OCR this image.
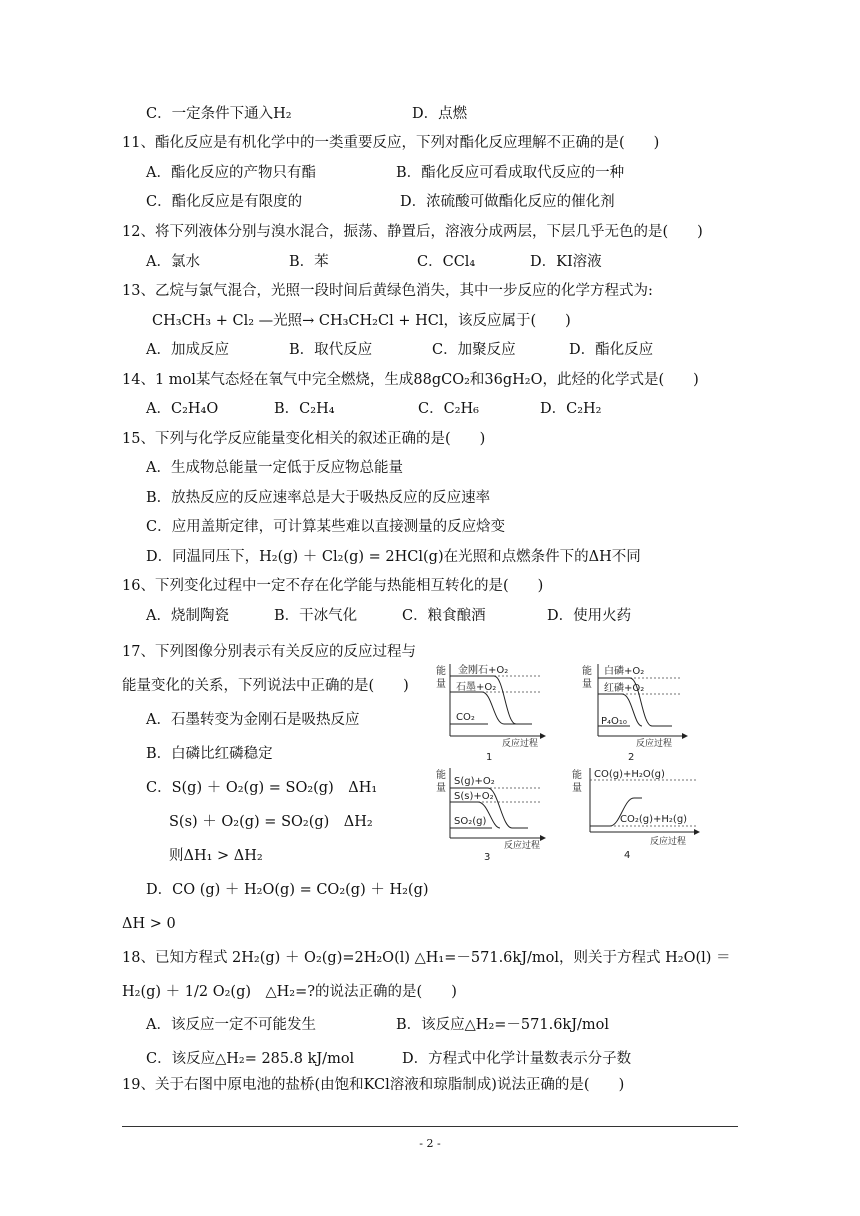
C．一定条件下通入H₂	D．点燃
11、酯化反应是有机化学中的一类重要反应，下列对酯化反应理解不正确的是(　　)
A．酯化反应的产物只有酯	B．酯化反应可看成取代反应的一种
C．酯化反应是有限度的	D．浓硫酸可做酯化反应的催化剂
12、将下列液体分别与溴水混合，振荡、静置后，溶液分成两层，下层几乎无色的是(　　)
A．氯水	B．苯	C．CCl₄	D．KI溶液
13、乙烷与氯气混合，光照一段时间后黄绿色消失，其中一步反应的化学方程式为:
CH₃CH₃ + Cl₂ —光照→ CH₃CH₂Cl + HCl，该反应属于(　　)
A．加成反应	B．取代反应	C．加聚反应	D．酯化反应
14、1 mol某气态烃在氧气中完全燃烧，生成88gCO₂和36gH₂O，此烃的化学式是(　　)
A．C₂H₄O	B．C₂H₄	C．C₂H₆	D．C₂H₂
15、下列与化学反应能量变化相关的叙述正确的是(　　)
A．生成物总能量一定低于反应物总能量
B．放热反应的反应速率总是大于吸热反应的反应速率
C．应用盖斯定律，可计算某些难以直接测量的反应焓变
D．同温同压下，H₂(g) ＋ Cl₂(g) = 2HCl(g)在光照和点燃条件下的ΔH不同
16、下列变化过程中一定不存在化学能与热能相互转化的是(　　)
A．烧制陶瓷	B．干冰气化	C．粮食酿酒	D．使用火药
17、下列图像分别表示有关反应的反应过程与
能量变化的关系，下列说法中正确的是(　　)
A．石墨转变为金刚石是吸热反应
B．白磷比红磷稳定
C．S(g) ＋ O₂(g) = SO₂(g)　ΔH₁
S(s) ＋ O₂(g) = SO₂(g)　ΔH₂
则ΔH₁ > ΔH₂
D．CO (g) ＋ H₂O(g) = CO₂(g) ＋ H₂(g)
ΔH > 0
18、已知方程式 2H₂(g) ＋ O₂(g)=2H₂O(l) △H₁=－571.6kJ/mol，则关于方程式 H₂O(l) ＝
H₂(g) ＋ 1/2 O₂(g)　△H₂=?的说法正确的是(　　)
A．该反应一定不可能发生	B．该反应△H₂=－571.6kJ/mol
C．该反应△H₂= 285.8 kJ/mol	D．方程式中化学计量数表示分子数
19、关于右图中原电池的盐桥(由饱和KCl溶液和琼脂制成)说法正确的是(　　)
能
量
金刚石+O₂
石墨+O₂
CO₂
反应过程
1
能
量
白磷+O₂
红磷+O₂
P₄O₁₀
反应过程
2
能
量
S(g)+O₂
S(s)+O₂
SO₂(g)
反应过程
3
能
量
CO(g)+H₂O(g)
CO₂(g)+H₂(g)
反应过程
4
- 2 -
